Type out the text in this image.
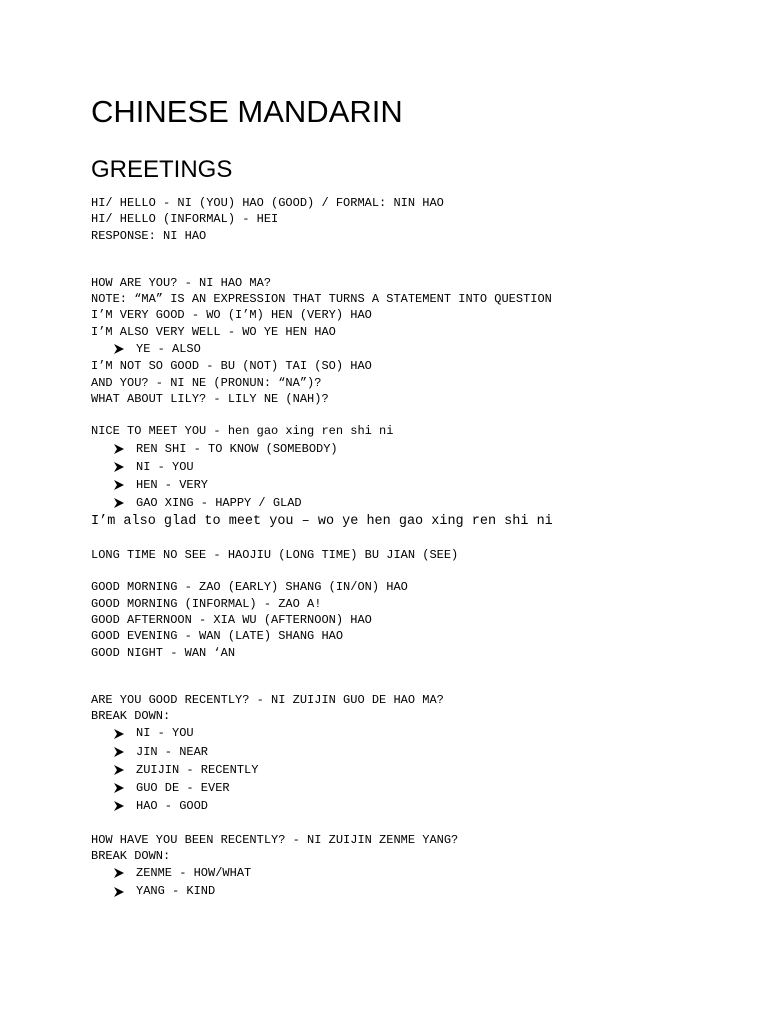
CHINESE MANDARIN
GREETINGS
HI/ HELLO - NI (YOU) HAO (GOOD) / FORMAL: NIN HAO
HI/ HELLO (INFORMAL) - HEI
RESPONSE: NI HAO
HOW ARE YOU? - NI HAO MA?
NOTE: “MA” IS AN EXPRESSION THAT TURNS A STATEMENT INTO QUESTION
I’M VERY GOOD - WO (I’M) HEN (VERY) HAO
I’M ALSO VERY WELL - WO YE HEN HAO
YE - ALSO
I’M NOT SO GOOD - BU (NOT) TAI (SO) HAO
AND YOU? - NI NE (PRONUN: “NA”)?
WHAT ABOUT LILY? - LILY NE (NAH)?
NICE TO MEET YOU - hen gao xing ren shi ni
REN SHI - TO KNOW (SOMEBODY)
NI - YOU
HEN - VERY
GAO XING - HAPPY / GLAD
I’m also glad to meet you – wo ye hen gao xing ren shi ni
LONG TIME NO SEE - HAOJIU (LONG TIME) BU JIAN (SEE)
GOOD MORNING - ZAO (EARLY) SHANG (IN/ON) HAO
GOOD MORNING (INFORMAL) - ZAO A!
GOOD AFTERNOON - XIA WU (AFTERNOON) HAO
GOOD EVENING - WAN (LATE) SHANG HAO
GOOD NIGHT - WAN ‘AN
ARE YOU GOOD RECENTLY? - NI ZUIJIN GUO DE HAO MA?
BREAK DOWN:
NI - YOU
JIN - NEAR
ZUIJIN - RECENTLY
GUO DE - EVER
HAO - GOOD
HOW HAVE YOU BEEN RECENTLY? - NI ZUIJIN ZENME YANG?
BREAK DOWN:
ZENME - HOW/WHAT
YANG - KIND
